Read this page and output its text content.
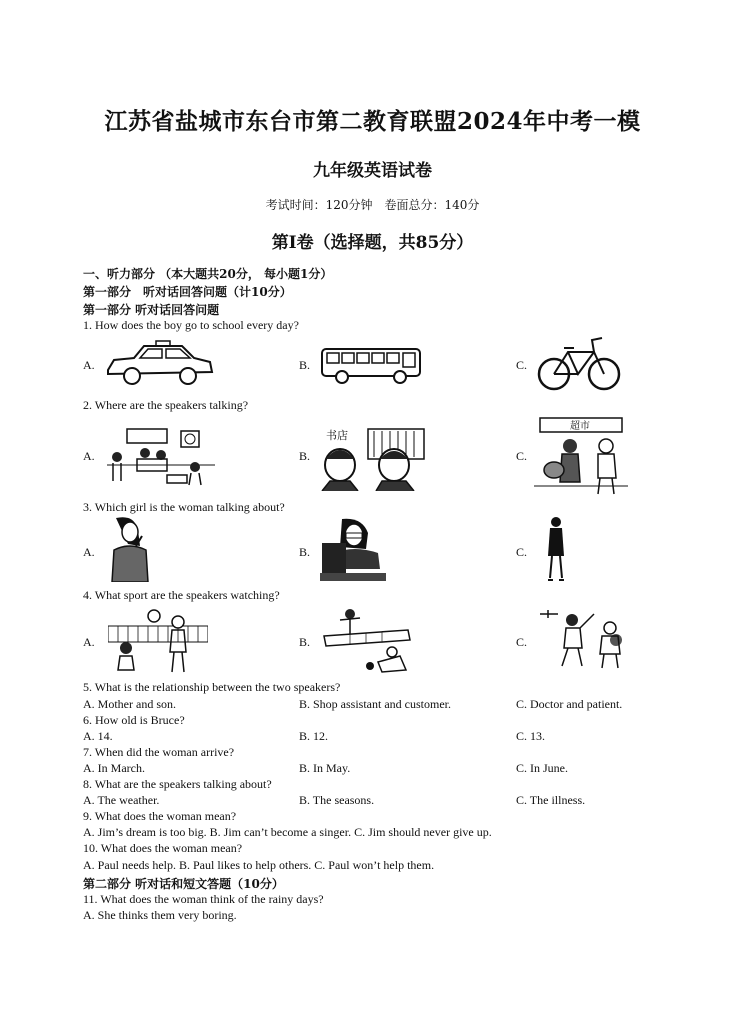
江苏省盐城市东台市第二教育联盟2024年中考一模
九年级英语试卷
考试时间：120分钟　卷面总分：140分
第Ⅰ卷（选择题，共85分）
一、听力部分 （本大题共20分， 每小题1分）
第一部分　听对话回答问题（计10分）
第一部分 听对话回答问题
1. How does the boy go to school every day?
A.	B.	C.
2. Where are the speakers talking?
A.	B.	C.
书店
超市
3. Which girl is the woman talking about?
A.	B.	C.
4. What sport are the speakers watching?
A.	B.	C.
5. What is the relationship between the two speakers?
A. Mother and son.	B. Shop assistant and customer.	C. Doctor and patient.
6. How old is Bruce?
A. 14.	B. 12.	C. 13.
7. When did the woman arrive?
A. In March.	B. In May.	C. In June.
8. What are the speakers talking about?
A. The weather.	B. The seasons.	C. The illness.
9. What does the woman mean?
A. Jim’s dream is too big. B. Jim can’t become a singer. C. Jim should never give up.
10. What does the woman mean?
A. Paul needs help. B. Paul likes to help others. C. Paul won’t help them.
第二部分 听对话和短文答题（10分）
11. What does the woman think of the rainy days?
A. She thinks them very boring.
